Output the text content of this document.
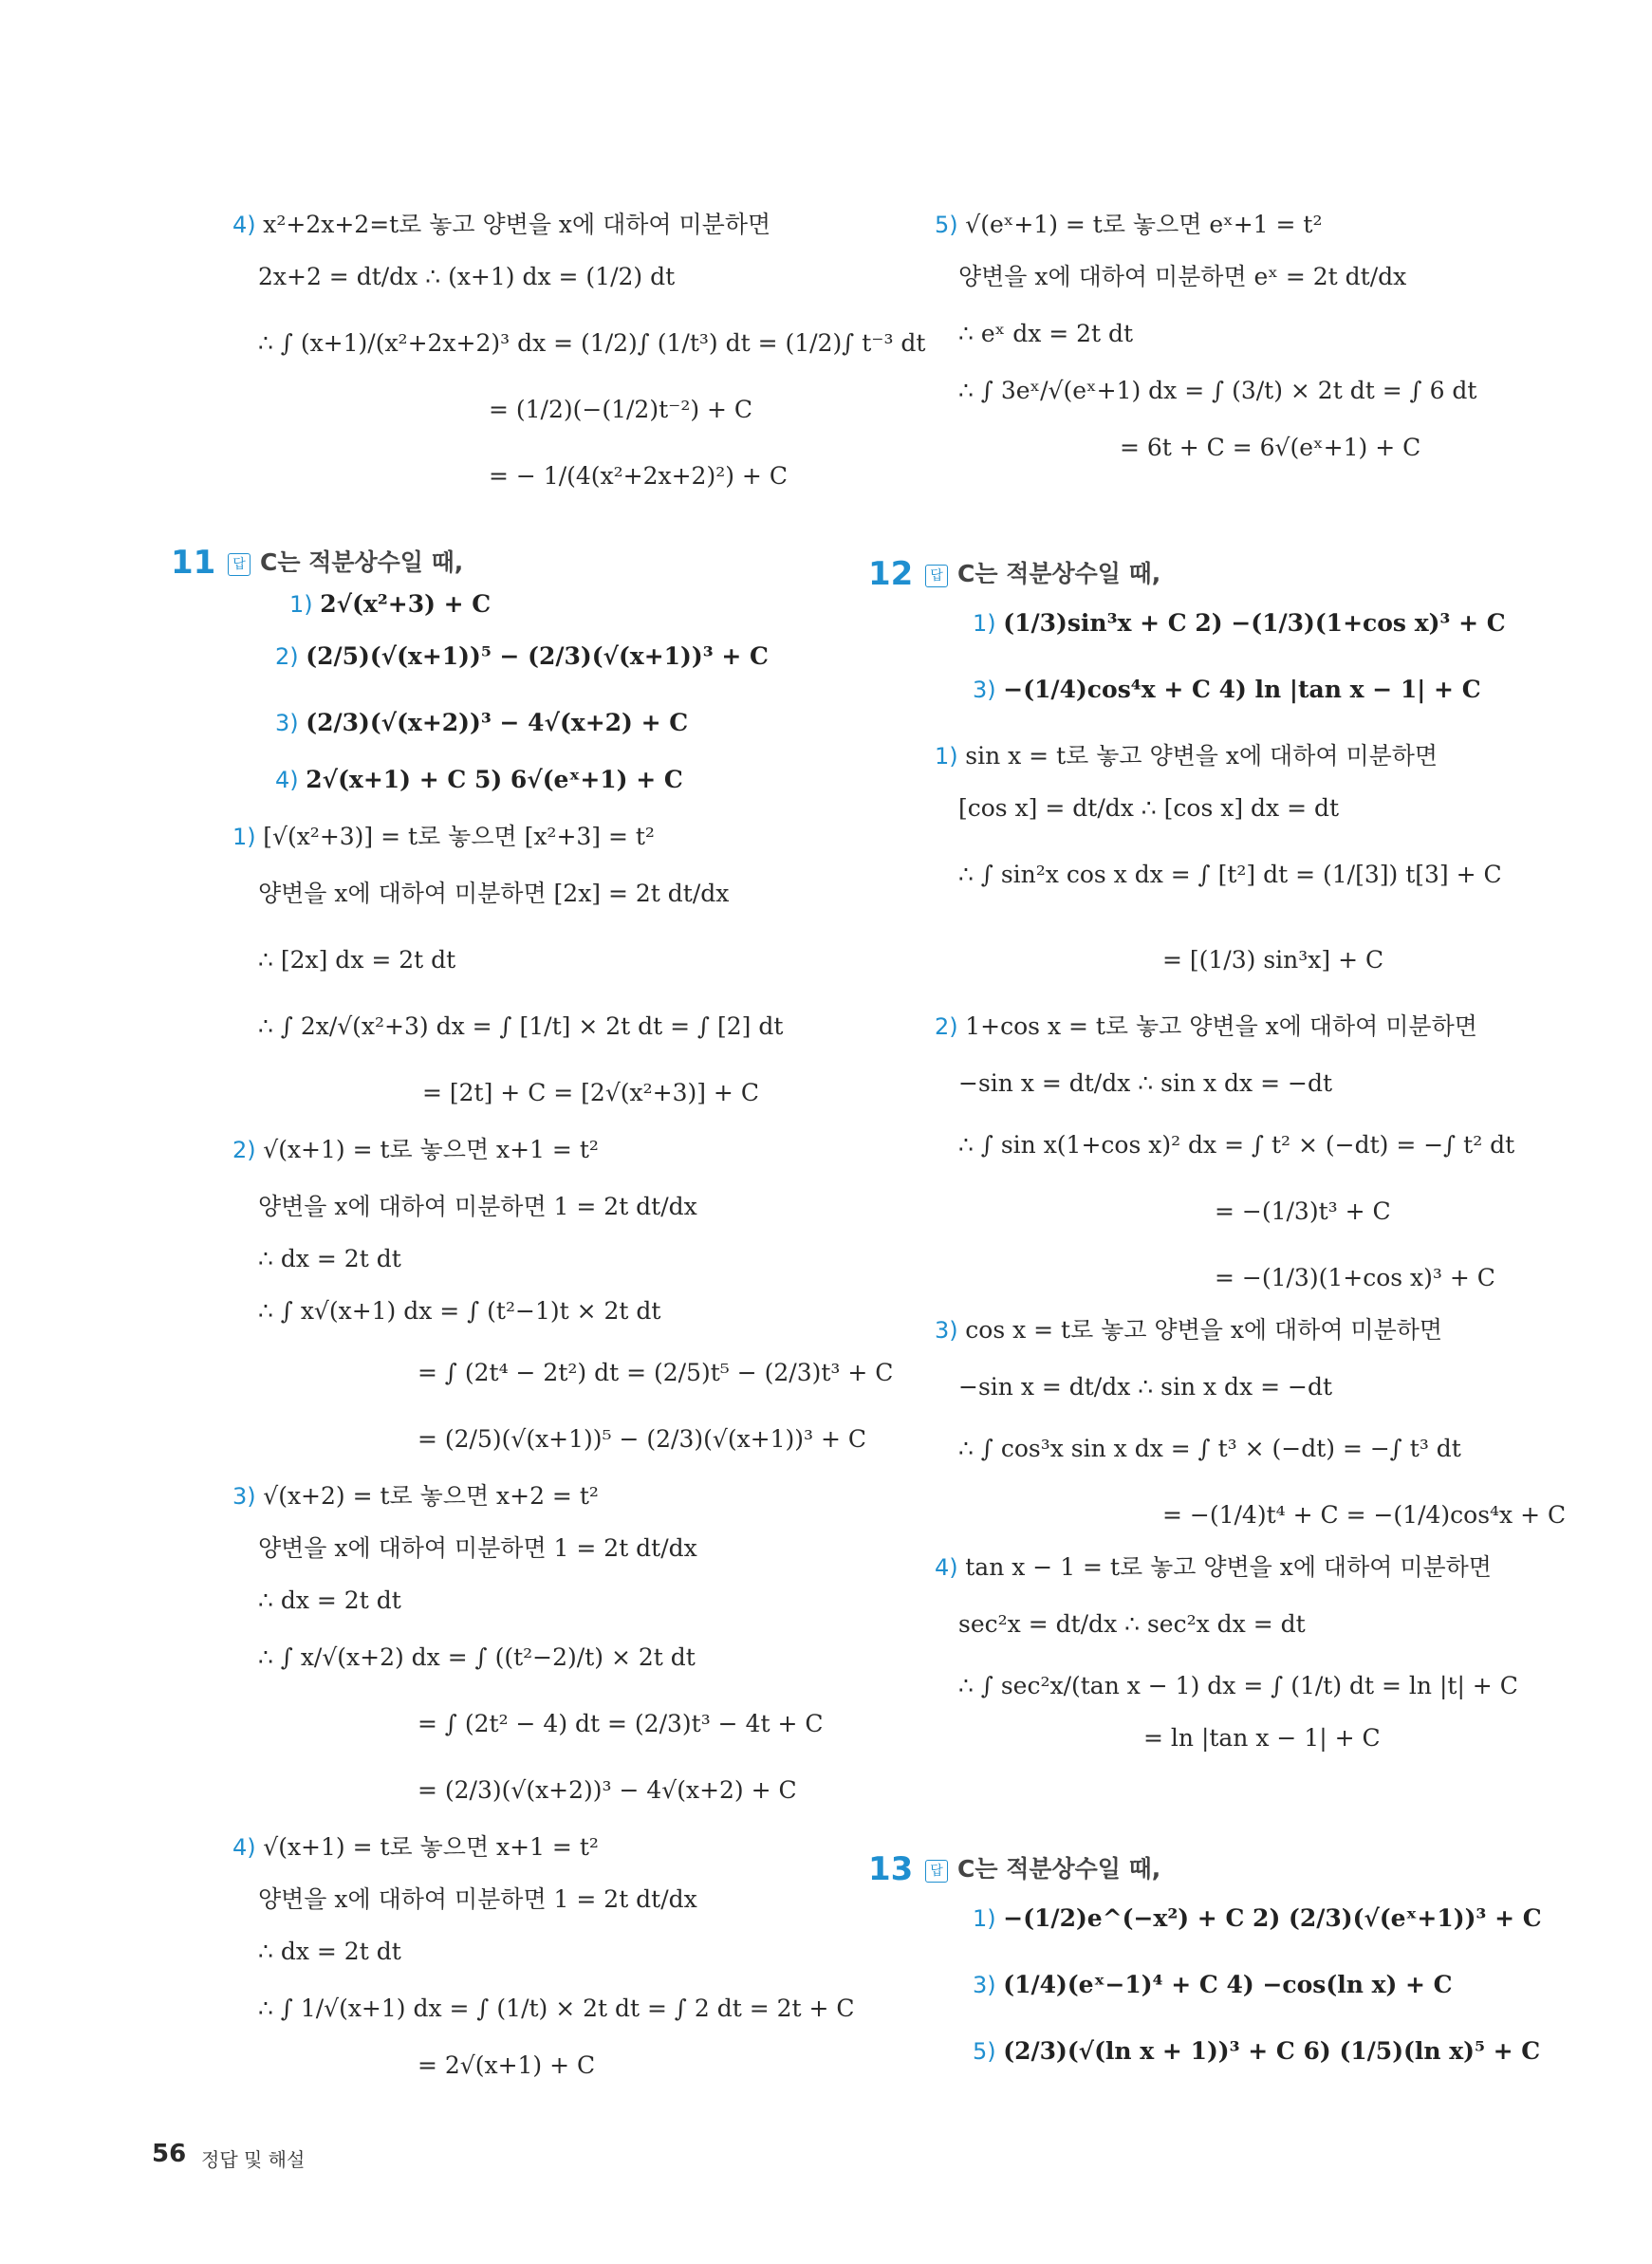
4) x²+2x+2=t로 놓고 양변을 x에 대하여 미분하면
2x+2 = dt/dx ∴ (x+1) dx = (1/2) dt
∴ ∫ (x+1)/(x²+2x+2)³ dx = (1/2)∫ (1/t³) dt = (1/2)∫ t⁻³ dt
= (1/2)(−(1/2)t⁻²) + C
= − 1/(4(x²+2x+2)²) + C
1) 2√(x²+3) + C
2) (2/5)(√(x+1))⁵ − (2/3)(√(x+1))³ + C
3) (2/3)(√(x+2))³ − 4√(x+2) + C
4) 2√(x+1) + C 5) 6√(eˣ+1) + C
1) [√(x²+3)] = t로 놓으면 [x²+3] = t²
양변을 x에 대하여 미분하면 [2x] = 2t dt/dx
∴ [2x] dx = 2t dt
∴ ∫ 2x/√(x²+3) dx = ∫ [1/t] × 2t dt = ∫ [2] dt
= [2t] + C = [2√(x²+3)] + C
2) √(x+1) = t로 놓으면 x+1 = t²
양변을 x에 대하여 미분하면 1 = 2t dt/dx
∴ dx = 2t dt
∴ ∫ x√(x+1) dx = ∫ (t²−1)t × 2t dt
= ∫ (2t⁴ − 2t²) dt = (2/5)t⁵ − (2/3)t³ + C
= (2/5)(√(x+1))⁵ − (2/3)(√(x+1))³ + C
3) √(x+2) = t로 놓으면 x+2 = t²
양변을 x에 대하여 미분하면 1 = 2t dt/dx
∴ dx = 2t dt
∴ ∫ x/√(x+2) dx = ∫ ((t²−2)/t) × 2t dt
= ∫ (2t² − 4) dt = (2/3)t³ − 4t + C
= (2/3)(√(x+2))³ − 4√(x+2) + C
4) √(x+1) = t로 놓으면 x+1 = t²
양변을 x에 대하여 미분하면 1 = 2t dt/dx
∴ dx = 2t dt
∴ ∫ 1/√(x+1) dx = ∫ (1/t) × 2t dt = ∫ 2 dt = 2t + C
= 2√(x+1) + C
5) √(eˣ+1) = t로 놓으면 eˣ+1 = t²
양변을 x에 대하여 미분하면 eˣ = 2t dt/dx
∴ eˣ dx = 2t dt
∴ ∫ 3eˣ/√(eˣ+1) dx = ∫ (3/t) × 2t dt = ∫ 6 dt
= 6t + C = 6√(eˣ+1) + C
1) (1/3)sin³x + C 2) −(1/3)(1+cos x)³ + C
3) −(1/4)cos⁴x + C 4) ln |tan x − 1| + C
1) sin x = t로 놓고 양변을 x에 대하여 미분하면
[cos x] = dt/dx ∴ [cos x] dx = dt
∴ ∫ sin²x cos x dx = ∫ [t²] dt = (1/[3]) t[3] + C
= [(1/3) sin³x] + C
2) 1+cos x = t로 놓고 양변을 x에 대하여 미분하면
−sin x = dt/dx ∴ sin x dx = −dt
∴ ∫ sin x(1+cos x)² dx = ∫ t² × (−dt) = −∫ t² dt
= −(1/3)t³ + C
= −(1/3)(1+cos x)³ + C
3) cos x = t로 놓고 양변을 x에 대하여 미분하면
−sin x = dt/dx ∴ sin x dx = −dt
∴ ∫ cos³x sin x dx = ∫ t³ × (−dt) = −∫ t³ dt
= −(1/4)t⁴ + C = −(1/4)cos⁴x + C
4) tan x − 1 = t로 놓고 양변을 x에 대하여 미분하면
sec²x = dt/dx ∴ sec²x dx = dt
∴ ∫ sec²x/(tan x − 1) dx = ∫ (1/t) dt = ln |t| + C
= ln |tan x − 1| + C
1) −(1/2)e^(−x²) + C 2) (2/3)(√(eˣ+1))³ + C
3) (1/4)(eˣ−1)⁴ + C 4) −cos(ln x) + C
5) (2/3)(√(ln x + 1))³ + C 6) (1/5)(ln x)⁵ + C
11	답 C는 적분상수일 때,	12	답 C는 적분상수일 때,
13	답 C는 적분상수일 때,
56 정답 및 해설
